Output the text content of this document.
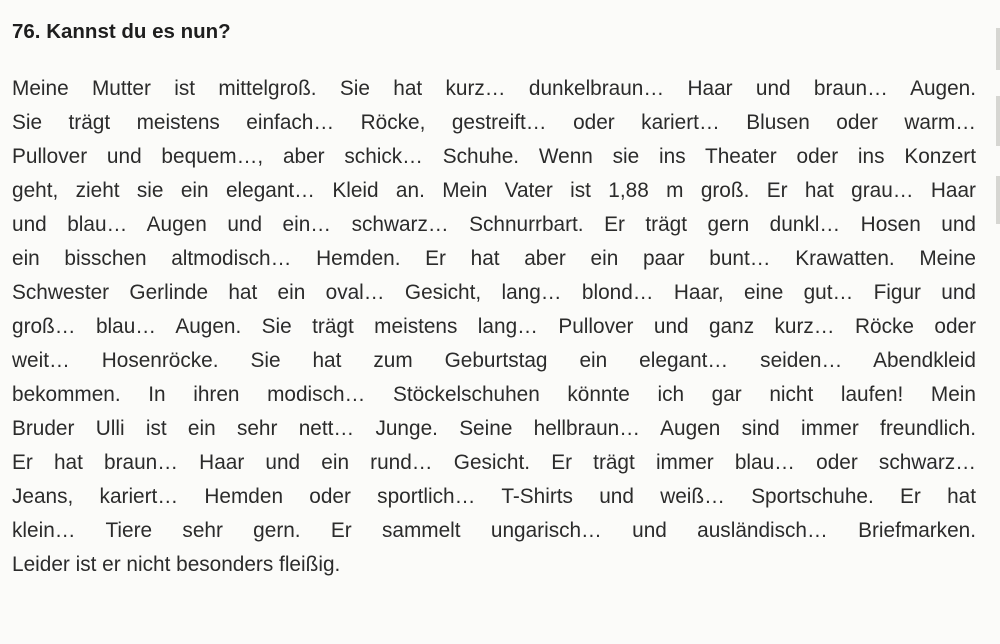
76. Kannst du es nun?
Meine Mutter ist mittelgroß. Sie hat kurz… dunkelbraun… Haar und braun… Augen.
Sie trägt meistens einfach… Röcke, gestreift… oder kariert… Blusen oder warm…
Pullover und bequem…, aber schick… Schuhe. Wenn sie ins Theater oder ins Konzert
geht, zieht sie ein elegant… Kleid an. Mein Vater ist 1,88 m groß. Er hat grau… Haar
und blau… Augen und ein… schwarz… Schnurrbart. Er trägt gern dunkl… Hosen und
ein bisschen altmodisch… Hemden. Er hat aber ein paar bunt… Krawatten. Meine
Schwester Gerlinde hat ein oval… Gesicht, lang… blond… Haar, eine gut… Figur und
groß… blau… Augen. Sie trägt meistens lang… Pullover und ganz kurz… Röcke oder
weit… Hosenröcke. Sie hat zum Geburtstag ein elegant… seiden… Abendkleid
bekommen. In ihren modisch… Stöckelschuhen könnte ich gar nicht laufen! Mein
Bruder Ulli ist ein sehr nett… Junge. Seine hellbraun… Augen sind immer freundlich.
Er hat braun… Haar und ein rund… Gesicht. Er trägt immer blau… oder schwarz…
Jeans, kariert… Hemden oder sportlich… T-Shirts und weiß… Sportschuhe. Er hat
klein… Tiere sehr gern. Er sammelt ungarisch… und ausländisch… Briefmarken.
Leider ist er nicht besonders fleißig.
